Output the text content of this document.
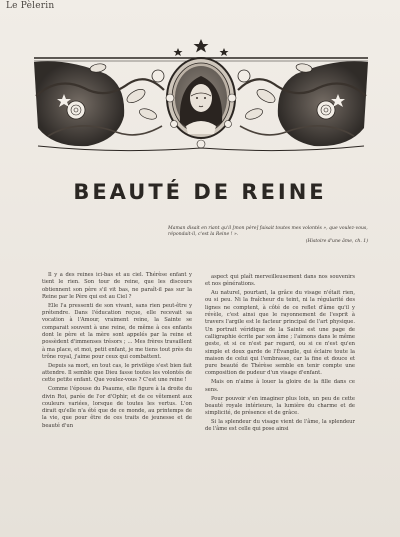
Le Pèlerin
BEAUTÉ DE REINE
Maman disait en riant qu'il [mon père] faisait toutes mes volontés », que voulez-vous, répondait-il, c'est la Reine ! ».
(Histoire d'une âme, ch. 1)

Il y a des reines ici-bas et au ciel. Thérèse enfant y tient le rien. Son tour de reine, que les discours obtiennent son père s'il vit bas, ne paraît-il pas sur la Reine par le Père qui est au Ciel ?

Elle l'a pressenti de son vivant, sans rien peut-être y prétendre. Dans l'éducation reçue, elle recevait sa vocation à l'Amour, vraiment reine, la Sainte se comparait souvent à une reine, de même à ces enfants dont le père et la mère sont appelés par la reine et possèdent d'immenses trésors ; ... Mes frères travaillent à ma place, et moi, petit enfant, je me tiens tout près du trône royal, j'aime pour ceux qui combattent.

Depuis sa mort, en tout cas, le privilège s'est bien fait attendre. Il semble que Dieu fasse toutes les volontés de cette petite enfant. Que voulez-vous ? C'est une reine !

Comme l'épouse du Psaume, elle figure à la droite du divin Roi, parée de l'or d'Ophir, et de ce vêtement aux couleurs variées, lorsque de toutes les vertus. L'on dirait qu'elle n'a été que de ce monde, au printemps de la vie, que pour être de ces traits de jeunesse et de beauté d'un

aspect qui plaît merveilleusement dans nos souvenirs et nos générations.

Au naturel, pourtant, la grâce du visage n'était rien, ou si peu. Ni la fraîcheur du teint, ni la régularité des lignes ne comptent, à côté de ce reflet d'âme qu'il y révèle, c'est ainsi que le rayonnement de l'esprit à travers l'argile est le facteur principal de l'art physique. Un portrait véridique de la Sainte est une page de calligraphie écrite par son âme ; l'aimons dans le même geste, et si ce n'est par regard, ou si ce n'est qu'en simple et doux garde de l'Évangile, qui éclaire toute la maison de celui qui l'embrasse, car la fine et douce et pure beauté de Thérèse semble en tenir compte une composition de pudeur d'un visage d'enfant.

Mais on n'aime à louer la gloire de la fille dans ce sens.

Pour pouvoir s'en imaginer plus loin, un peu de cette beauté royale intérieure, la lumière du charme et de simplicité, de présence et de grâce.

Si la splendeur du visage vient de l'âme, la splendeur de l'âme est celle qui pose ainsi
